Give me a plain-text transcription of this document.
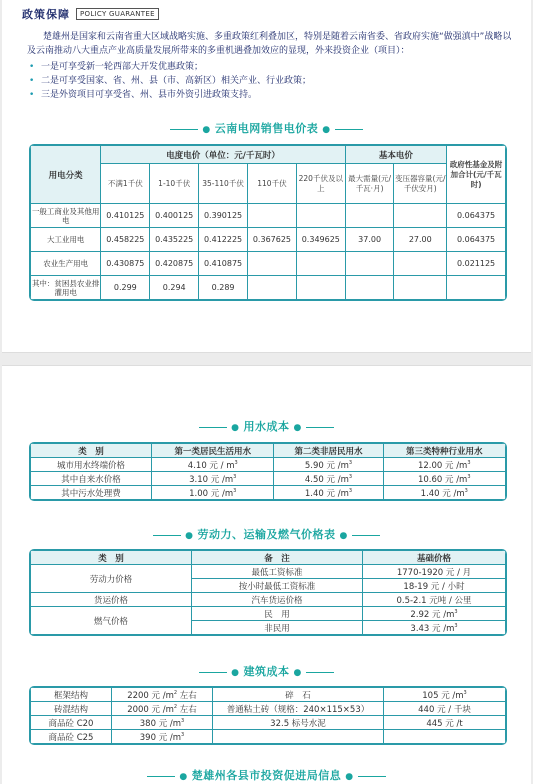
政策保障	POLICY GUARANTEE

楚雄州是国家和云南省重大区域战略实施、多重政策红利叠加区，特别是随着云南省委、省政府实施“做强滇中”战略以及云南推动八大重点产业高质量发展所带来的多重机遇叠加效应的显现，外来投资企业（项目）：

• 一是可享受新一轮西部大开发优惠政策；
• 二是可享受国家、省、州、县（市、高新区）相关产业、行业政策；
• 三是外资项目可享受省、州、县市外资引进政策支持。
● 云南电网销售电价表 ●
用电分类	电度电价（单位：元/千瓦时）					基本电价		政府性基金及附加合计(元/千瓦时)
	不满1千伏	1-10千伏	35-110千伏	110千伏	220千伏及以上	最大需量(元/千瓦·月)	变压器容量(元/千伏安月)	
一般工商业及其他用电	0.410125	0.400125	0.390125					0.064375
大工业用电	0.458225	0.435225	0.412225	0.367625	0.349625	37.00	27.00	0.064375
农业生产用电	0.430875	0.420875	0.410875					0.021125
其中：贫困县农业排灌用电	0.299	0.294	0.289					
● 用水成本 ●
类　别	第一类居民生活用水	第二类非居民用水	第三类特种行业用水
城市用水终端价格	4.10 元 / $m^3$	5.90 元 $/m^3$	12.00 元 $/m^3$
其中自来水价格	3.10 元 $/m^3$	4.50 元 $/m^3$	10.60 元 $/m^3$
其中污水处理费	1.00 元 $/m^3$	1.40 元 $/m^3$	1.40 元 $/m^3$
● 劳动力、运输及燃气价格表 ●
类　别	备　注	基础价格
劳动力价格	最低工资标准	1770-1920 元 / 月
	按小时最低工资标准	18-19 元 / 小时
货运价格	汽车货运价格	0.5-2.1 元吨 / 公里
燃气价格	民　用	2.92 元 $/m^3$
	非民用	3.43 元 $/m^3$
● 建筑成本 ●
框架结构	2200 元 $/m^2$ 左右	碎　石	105 元 $/m^3$
砖混结构	2000 元 $/m^2$ 左右	普通粘土砖（规格：240×115×53）	440 元 / 千块
商品砼 C20	380 元 $/m^3$	32.5 标号水泥	445 元 /t
商品砼 C25	390 元 $/m^3$		
● 楚雄州各县市投资促进局信息 ●
